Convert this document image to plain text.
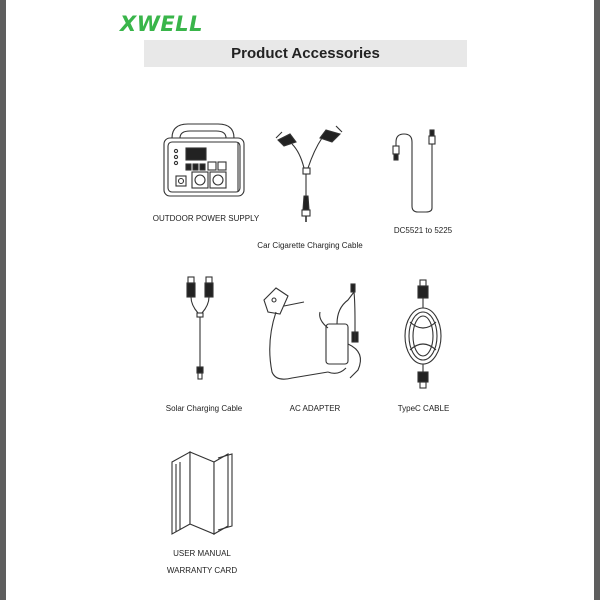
XWELL
Product Accessories
OUTDOOR POWER SUPPLY
Car Cigarette Charging Cable
DC5521 to 5225
Solar Charging Cable	AC ADAPTER	TypeC CABLE
USER MANUAL
WARRANTY CARD
